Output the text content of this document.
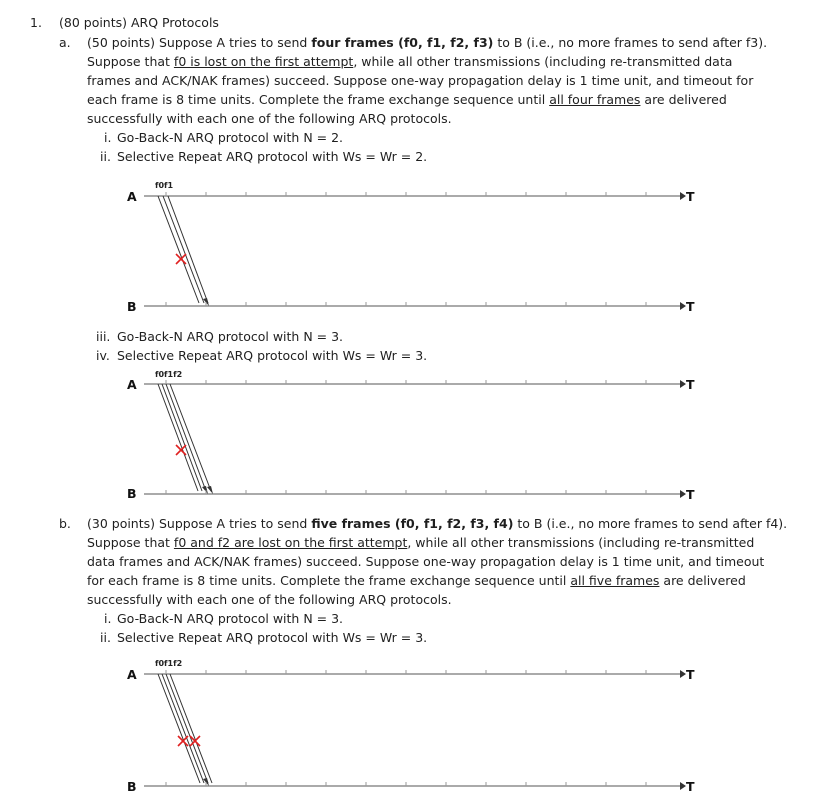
1. (80 points) ARQ Protocols
a. (50 points) Suppose A tries to send four frames (f0, f1, f2, f3) to B (i.e., no more frames to send after f3).
Suppose that f0 is lost on the first attempt, while all other transmissions (including re-transmitted data
frames and ACK/NAK frames) succeed. Suppose one-way propagation delay is 1 time unit, and timeout for
each frame is 8 time units. Complete the frame exchange sequence until all four frames are delivered
successfully with each one of the following ARQ protocols.
i. Go-Back-N ARQ protocol with N = 2.
ii. Selective Repeat ARQ protocol with Ws = Wr = 2.
A	T
B	T
f0f1
iii. Go-Back-N ARQ protocol with N = 3.
iv. Selective Repeat ARQ protocol with Ws = Wr = 3.
A	T
B	T
f0f1f2
b. (30 points) Suppose A tries to send five frames (f0, f1, f2, f3, f4) to B (i.e., no more frames to send after f4).
Suppose that f0 and f2 are lost on the first attempt, while all other transmissions (including re-transmitted
data frames and ACK/NAK frames) succeed. Suppose one-way propagation delay is 1 time unit, and timeout
for each frame is 8 time units. Complete the frame exchange sequence until all five frames are delivered
successfully with each one of the following ARQ protocols.
i. Go-Back-N ARQ protocol with N = 3.
ii. Selective Repeat ARQ protocol with Ws = Wr = 3.
A	T
B	T
f0f1f2
